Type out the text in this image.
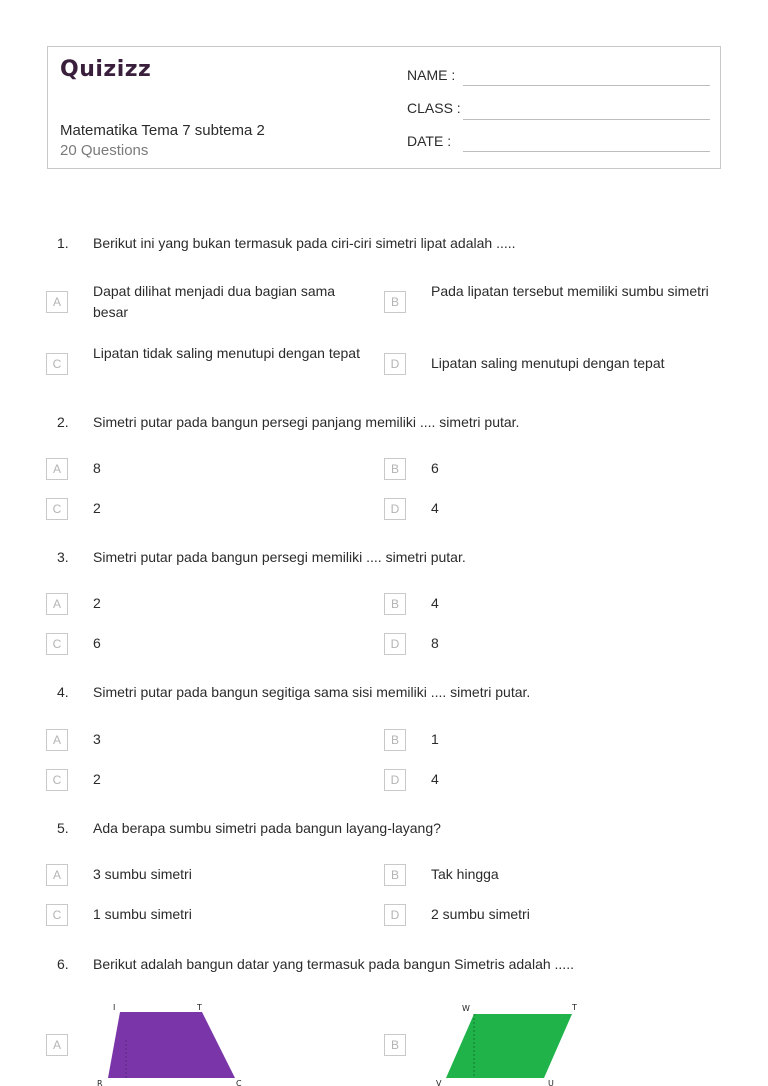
Quizizz
Matematika Tema 7 subtema 2
20 Questions
NAME :
CLASS :
DATE :
1. Berikut ini yang bukan termasuk pada ciri-ciri simetri lipat adalah .....
A
Dapat dilihat menjadi dua bagian sama besar
B
Pada lipatan tersebut memiliki sumbu simetri
C
Lipatan tidak saling menutupi dengan tepat
D	Lipatan saling menutupi dengan tepat
2. Simetri putar pada bangun persegi panjang memiliki .... simetri putar.
A	8	B	6
C	2	D	4
3. Simetri putar pada bangun persegi memiliki .... simetri putar.
A	2	B	4
C	6	D	8
4. Simetri putar pada bangun segitiga sama sisi memiliki .... simetri putar.
A	3	B	1
C	2	D	4
5. Ada berapa sumbu simetri pada bangun layang-layang?
A	3 sumbu simetri	B	Tak hingga
C	1 sumbu simetri	D	2 sumbu simetri
6. Berikut adalah bangun datar yang termasuk pada bangun Simetris adalah .....
A
I	T
R	C
B
W	T
V	U
